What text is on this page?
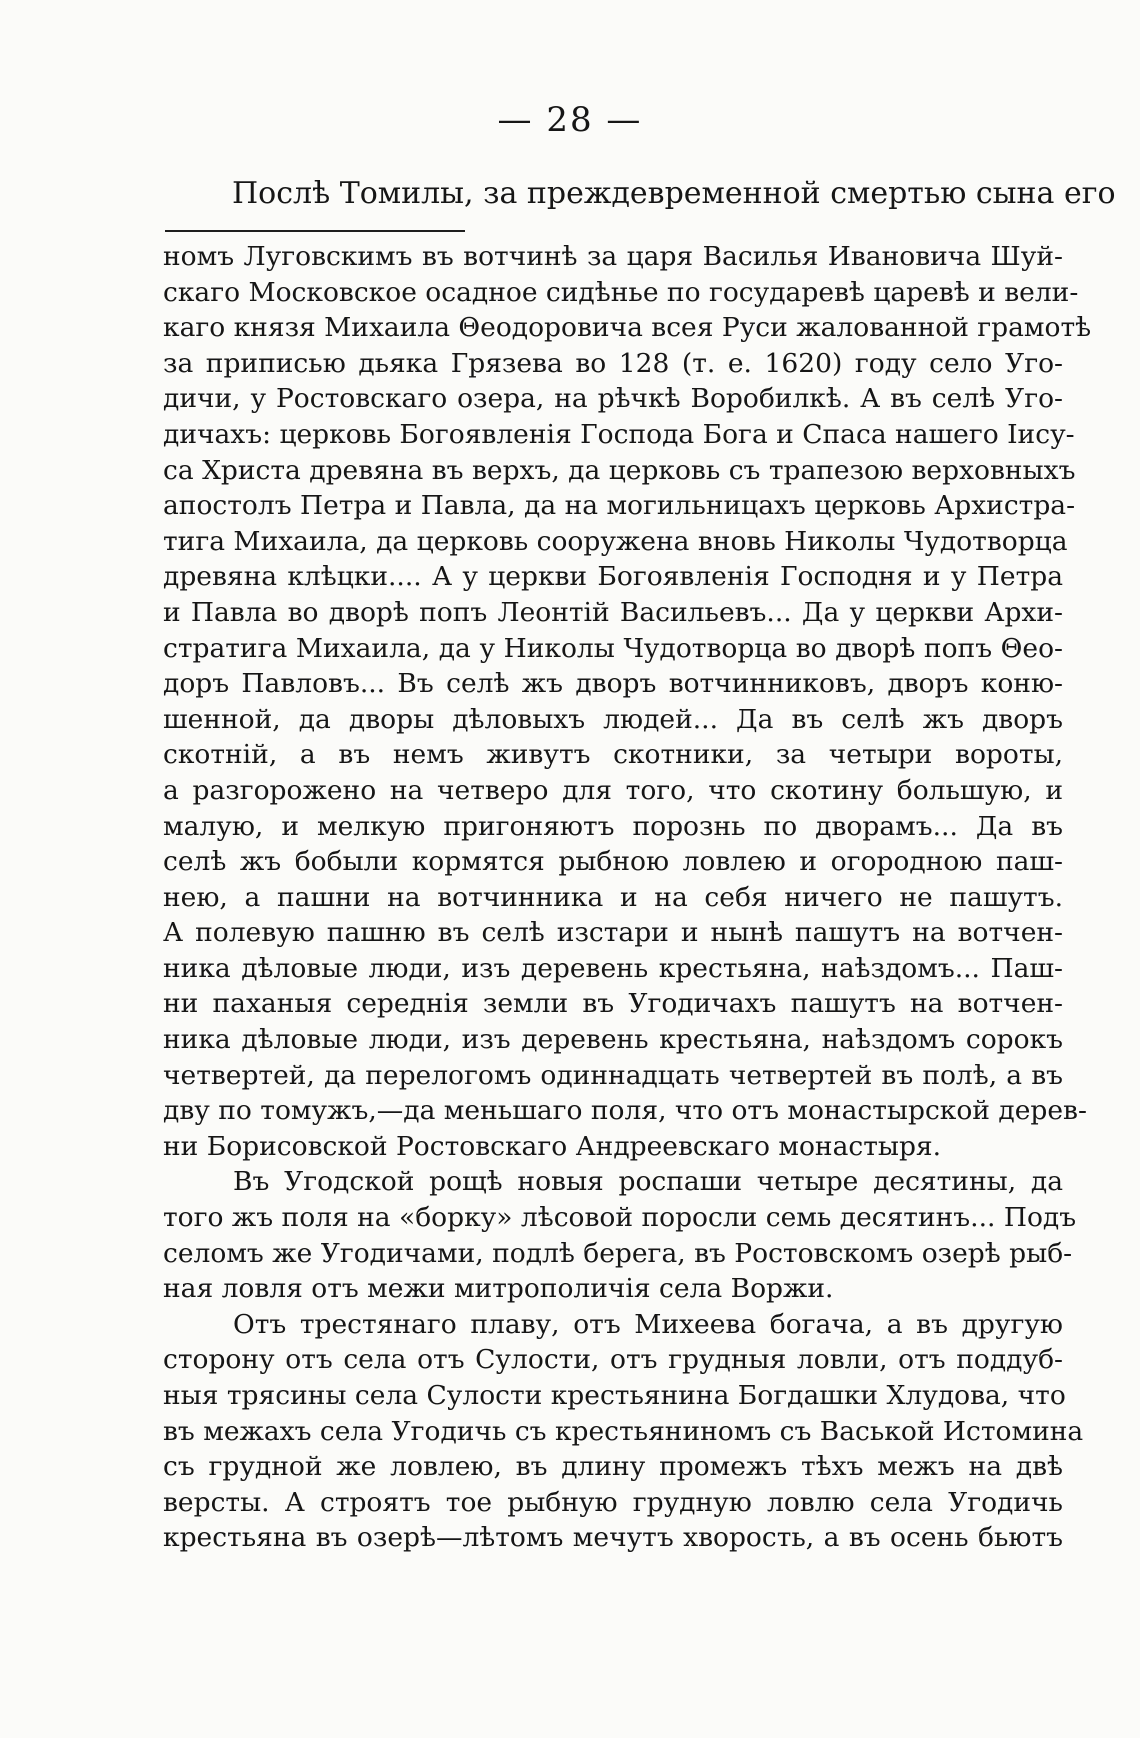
— 28 —
Послѣ Томилы, за преждевременной смертью сына его
номъ Луговскимъ въ вотчинѣ за царя Василья Ивановича Шуй-
скаго Московское осадное сидѣнье по государевѣ царевѣ и вели-
каго князя Михаила Θеодоровича всея Руси жалованной грамотѣ
за приписью дьяка Грязева во 128 (т. е. 1620) году село Уго-
дичи, у Ростовскаго озера, на рѣчкѣ Воробилкѣ. А въ селѣ Уго-
дичахъ: церковь Богоявленія Господа Бога и Спаса нашего Іису-
са Христа древяна въ верхъ, да церковь съ трапезою верховныхъ
апостолъ Петра и Павла, да на могильницахъ церковь Архистра-
тига Михаила, да церковь сооружена вновь Николы Чудотворца
древяна клѣцки.... А у церкви Богоявленія Господня и у Петра
и Павла во дворѣ попъ Леонтій Васильевъ... Да у церкви Архи-
стратига Михаила, да у Николы Чудотворца во дворѣ попъ Θео-
доръ Павловъ... Въ селѣ жъ дворъ вотчинниковъ, дворъ коню-
шенной, да дворы дѣловыхъ людей... Да въ селѣ жъ дворъ
скотній, а въ немъ живутъ скотники, за четыри вороты,
а разгорожено на четверо для того, что скотину большую, и
малую, и мелкую пригоняютъ порознь по дворамъ... Да въ
селѣ жъ бобыли кормятся рыбною ловлею и огородною паш-
нею, а пашни на вотчинника и на себя ничего не пашутъ.
А полевую пашню въ селѣ изстари и нынѣ пашутъ на вотчен-
ника дѣловые люди, изъ деревень крестьяна, наѣздомъ... Паш-
ни паханыя середнія земли въ Угодичахъ пашутъ на вотчен-
ника дѣловые люди, изъ деревень крестьяна, наѣздомъ сорокъ
четвертей, да перелогомъ одиннадцать четвертей въ полѣ, а въ
дву по томужъ,—да меньшаго поля, что отъ монастырской дерев-
ни Борисовской Ростовскаго Андреевскаго монастыря.
Въ Угодской рощѣ новыя роспаши четыре десятины, да
того жъ поля на «борку» лѣсовой поросли семь десятинъ... Подъ
селомъ же Угодичами, подлѣ берега, въ Ростовскомъ озерѣ рыб-
ная ловля отъ межи митрополичія села Воржи.
Отъ трестянаго плаву, отъ Михеева богача, а въ другую
сторону отъ села отъ Сулости, отъ грудныя ловли, отъ поддуб-
ныя трясины села Сулости крестьянина Богдашки Хлудова, что
въ межахъ села Угодичь съ крестьяниномъ съ Васькой Истомина
съ грудной же ловлею, въ длину промежъ тѣхъ межъ на двѣ
версты. А строятъ тое рыбную грудную ловлю села Угодичь
крестьяна въ озерѣ—лѣтомъ мечутъ хворость, а въ осень бьютъ
